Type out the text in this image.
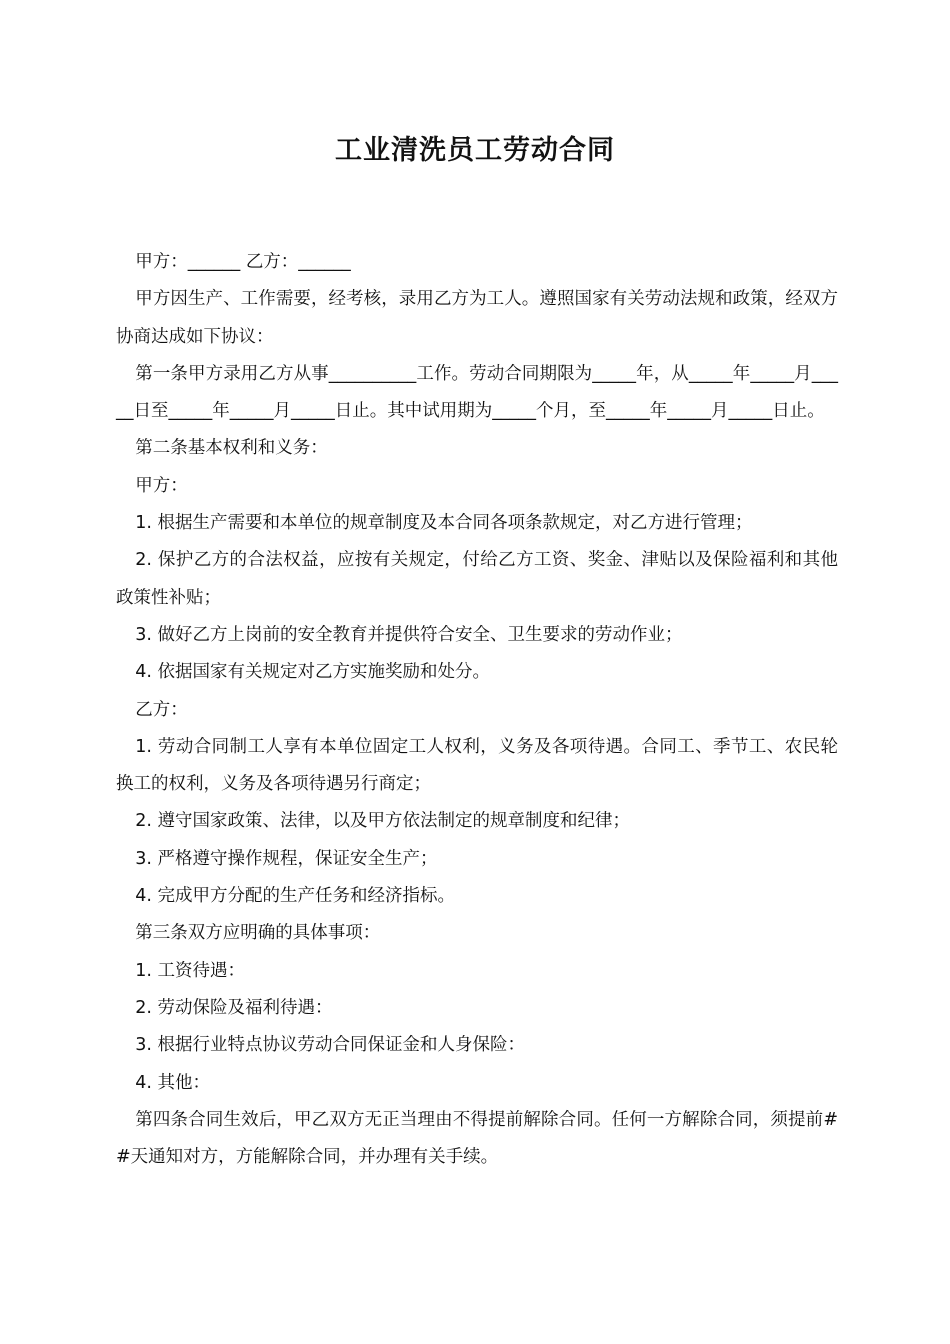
工业清洗员工劳动合同

甲方：______ 乙方：______

甲方因生产、工作需要，经考核，录用乙方为工人。遵照国家有关劳动法规和政策，经双方协商达成如下协议：

第一条甲方录用乙方从事__________工作。劳动合同期限为_____年，从_____年_____月_____日至_____年_____月_____日止。其中试用期为_____个月，至_____年_____月_____日止。

第二条基本权利和义务：

甲方：

1. 根据生产需要和本单位的规章制度及本合同各项条款规定，对乙方进行管理；

2. 保护乙方的合法权益，应按有关规定，付给乙方工资、奖金、津贴以及保险福利和其他政策性补贴；

3. 做好乙方上岗前的安全教育并提供符合安全、卫生要求的劳动作业；

4. 依据国家有关规定对乙方实施奖励和处分。

乙方：

1. 劳动合同制工人享有本单位固定工人权利，义务及各项待遇。合同工、季节工、农民轮换工的权利，义务及各项待遇另行商定；

2. 遵守国家政策、法律，以及甲方依法制定的规章制度和纪律；

3. 严格遵守操作规程，保证安全生产；

4. 完成甲方分配的生产任务和经济指标。

第三条双方应明确的具体事项：

1. 工资待遇：

2. 劳动保险及福利待遇：

3. 根据行业特点协议劳动合同保证金和人身保险：

4. 其他：

第四条合同生效后，甲乙双方无正当理由不得提前解除合同。任何一方解除合同，须提前##天通知对方，方能解除合同，并办理有关手续。
